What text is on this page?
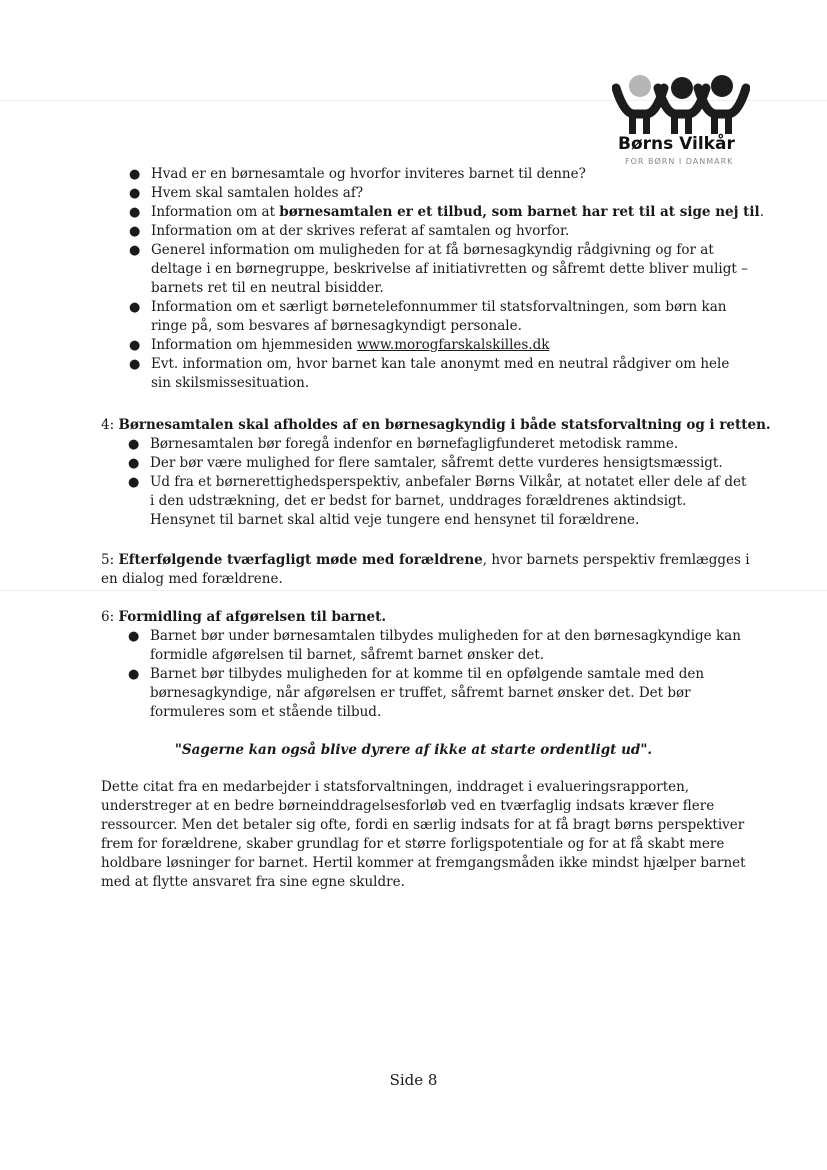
Børns Vilkår
FOR BØRN I DANMARK
● Hvad er en børnesamtale og hvorfor inviteres barnet til denne?
● Hvem skal samtalen holdes af?
● Information om at børnesamtalen er et tilbud, som barnet har ret til at sige nej til.
● Information om at der skrives referat af samtalen og hvorfor.
● Generel information om muligheden for at få børnesagkyndig rådgivning og for at
deltage i en børnegruppe, beskrivelse af initiativretten og såfremt dette bliver muligt –
barnets ret til en neutral bisidder.
● Information om et særligt børnetelefonnummer til statsforvaltningen, som børn kan
ringe på, som besvares af børnesagkyndigt personale.
● Information om hjemmesiden www.morogfarskalskilles.dk
● Evt. information om, hvor barnet kan tale anonymt med en neutral rådgiver om hele
sin skilsmissesituation.
4: Børnesamtalen skal afholdes af en børnesagkyndig i både statsforvaltning og i retten.
● Børnesamtalen bør foregå indenfor en børnefagligfunderet metodisk ramme.
● Der bør være mulighed for flere samtaler, såfremt dette vurderes hensigtsmæssigt.
● Ud fra et børnerettighedsperspektiv, anbefaler Børns Vilkår, at notatet eller dele af det
i den udstrækning, det er bedst for barnet, unddrages forældrenes aktindsigt.
Hensynet til barnet skal altid veje tungere end hensynet til forældrene.
5: Efterfølgende tværfagligt møde med forældrene, hvor barnets perspektiv fremlægges i
en dialog med forældrene.
6: Formidling af afgørelsen til barnet.
● Barnet bør under børnesamtalen tilbydes muligheden for at den børnesagkyndige kan
formidle afgørelsen til barnet, såfremt barnet ønsker det.
● Barnet bør tilbydes muligheden for at komme til en opfølgende samtale med den
børnesagkyndige, når afgørelsen er truffet, såfremt barnet ønsker det. Det bør
formuleres som et stående tilbud.
"Sagerne kan også blive dyrere af ikke at starte ordentligt ud".
Dette citat fra en medarbejder i statsforvaltningen, inddraget i evalueringsrapporten,
understreger at en bedre børneinddragelsesforløb ved en tværfaglig indsats kræver flere
ressourcer. Men det betaler sig ofte, fordi en særlig indsats for at få bragt børns perspektiver
frem for forældrene, skaber grundlag for et større forligspotentiale og for at få skabt mere
holdbare løsninger for barnet. Hertil kommer at fremgangsmåden ikke mindst hjælper barnet
med at flytte ansvaret fra sine egne skuldre.
Side 8
